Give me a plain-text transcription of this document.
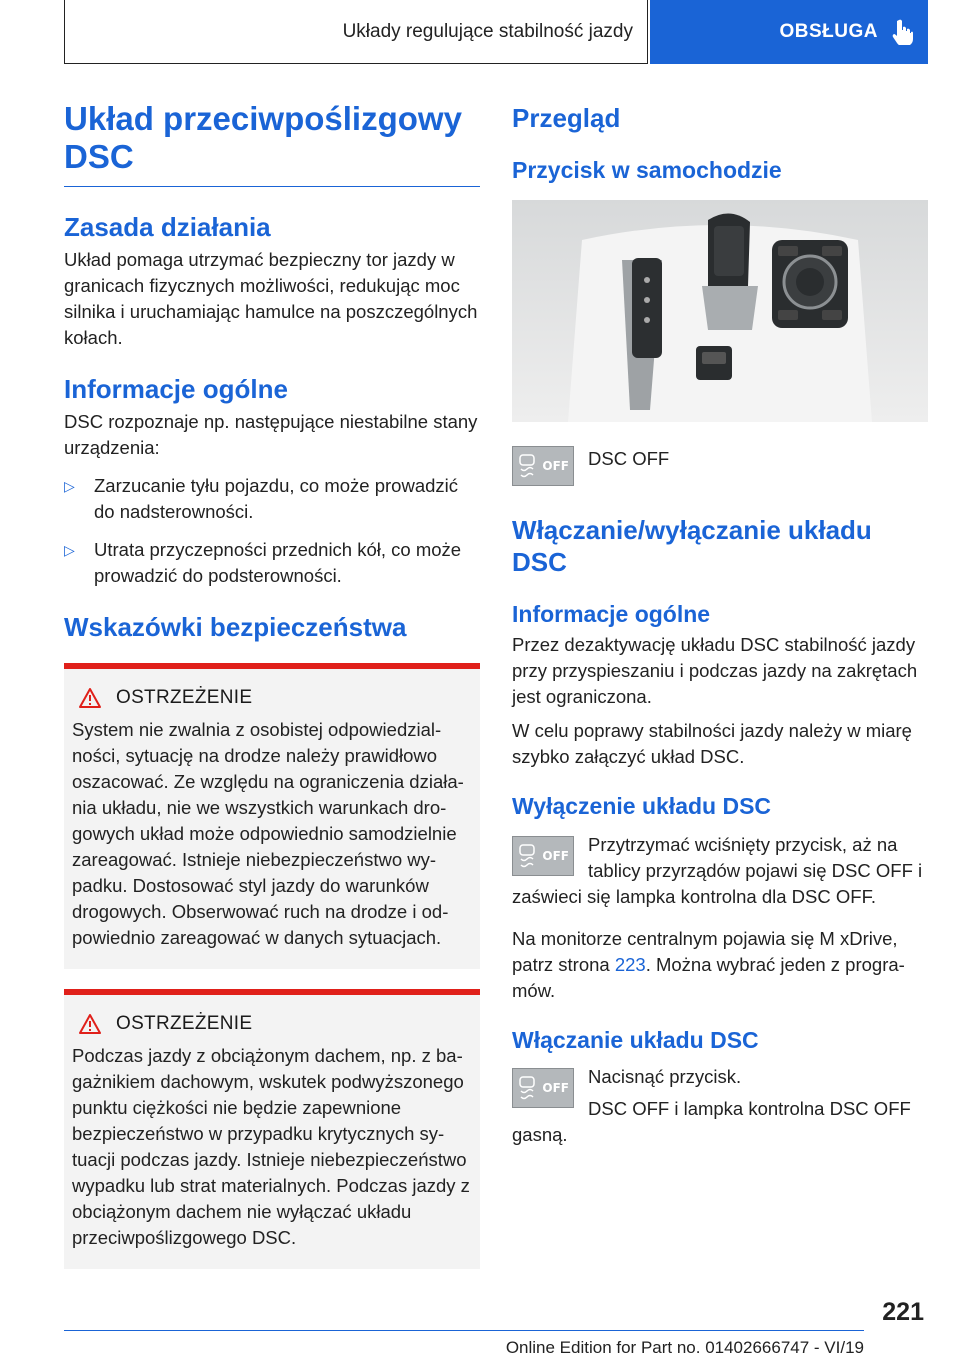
Układy regulujące stabilność jazdy	OBSŁUGA
Układ przeciwpoślizgowy
DSC
Zasada działania

Układ pomaga utrzymać bezpieczny tor jazdy w granicach fizycznych możliwości, redukując moc silnika i uruchamiając hamulce na poszczególnych kołach.

Informacje ogólne

DSC rozpoznaje np. następujące niestabilne stany urządzenia:

▷	Zarzucanie tyłu pojazdu, co może prowadzić do nadsterowności.
▷	Utrata przyczepności przednich kół, co może prowadzić do podsterowności.
Wskazówki bezpieczeństwa
OSTRZEŻENIE

System nie zwalnia z osobistej odpowiedzialności, sytuację na drodze należy prawidłowo oszacować. Ze względu na ograniczenia działania układu, nie we wszystkich warunkach drogowych układ może odpowiednio samodzielnie zareagować. Istnieje niebezpieczeństwo wypadku. Dostosować styl jazdy do warunków drogowych. Obserwować ruch na drodze i odpowiednio zareagować w danych sytuacjach.

OSTRZEŻENIE

Podczas jazdy z obciążonym dachem, np. z bagażnikiem dachowym, wskutek podwyższonego punktu ciężkości nie będzie zapewnione bezpieczeństwo w przypadku krytycznych sytuacji podczas jazdy. Istnieje niebezpieczeństwo wypadku lub strat materialnych. Podczas jazdy z obciążonym dachem nie wyłączać układu przeciwpoślizgowego DSC.

Przegląd
Przycisk w samochodzie
OFF DSC OFF

Włączanie/wyłączanie układu DSC
Informacje ogólne

Przez dezaktywację układu DSC stabilność jazdy przy przyspieszaniu i podczas jazdy na zakrętach jest ograniczona.

W celu poprawy stabilności jazdy należy w miarę szybko załączyć układ DSC.

Wyłączenie układu DSC
OFF

Przytrzymać wciśnięty przycisk, aż na tablicy przyrządów pojawi się DSC OFF i zaświeci się lampka kontrolna dla DSC OFF.

Na monitorze centralnym pojawia się M xDrive, patrz strona 223. Można wybrać jeden z programów.

Włączanie układu DSC
OFF

Nacisnąć przycisk.

DSC OFF i lampka kontrolna DSC OFF gasną.

221
Online Edition for Part no. 01402666747 - VI/19
